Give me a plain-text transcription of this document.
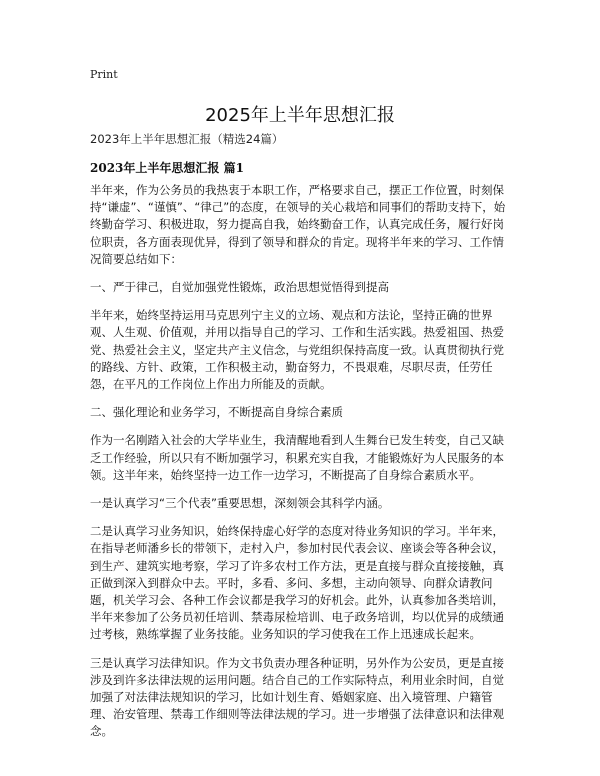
Print
2025年上半年思想汇报
2023年上半年思想汇报（精选24篇）
2023年上半年思想汇报 篇1

半年来，作为公务员的我热衷于本职工作，严格要求自己，摆正工作位置，时刻保持“谦虚”、“谨慎”、“律己”的态度，在领导的关心栽培和同事们的帮助支持下，始终勤奋学习、积极进取，努力提高自我，始终勤奋工作，认真完成任务，履行好岗位职责，各方面表现优异，得到了领导和群众的肯定。现将半年来的学习、工作情况简要总结如下：

一、严于律己，自觉加强党性锻炼，政治思想觉悟得到提高

半年来，始终坚持运用马克思列宁主义的立场、观点和方法论，坚持正确的世界观、人生观、价值观，并用以指导自己的学习、工作和生活实践。热爱祖国、热爱党、热爱社会主义，坚定共产主义信念，与党组织保持高度一致。认真贯彻执行党的路线、方针、政策，工作积极主动，勤奋努力，不畏艰难，尽职尽责，任劳任怨，在平凡的工作岗位上作出力所能及的贡献。

二、强化理论和业务学习，不断提高自身综合素质

作为一名刚踏入社会的大学毕业生，我清醒地看到人生舞台已发生转变，自己又缺乏工作经验，所以只有不断加强学习，积累充实自我，才能锻炼好为人民服务的本领。这半年来，始终坚持一边工作一边学习，不断提高了自身综合素质水平。

一是认真学习“三个代表”重要思想，深刻领会其科学内涵。

二是认真学习业务知识，始终保持虚心好学的态度对待业务知识的学习。半年来，在指导老师潘乡长的带领下，走村入户，参加村民代表会议、座谈会等各种会议，到生产、建筑实地考察，学习了许多农村工作方法，更是直接与群众直接接触，真正做到深入到群众中去。平时，多看、多问、多想，主动向领导、向群众请教问题，机关学习会、各种工作会议都是我学习的好机会。此外，认真参加各类培训，半年来参加了公务员初任培训、禁毒尿检培训、电子政务培训，均以优异的成绩通过考核，熟练掌握了业务技能。业务知识的学习使我在工作上迅速成长起来。

三是认真学习法律知识。作为文书负责办理各种证明，另外作为公安员，更是直接涉及到许多法律法规的运用问题。结合自己的工作实际特点，利用业余时间，自觉加强了对法律法规知识的学习，比如计划生育、婚姻家庭、出入境管理、户籍管理、治安管理、禁毒工作细则等法律法规的学习。进一步增强了法律意识和法律观念。
